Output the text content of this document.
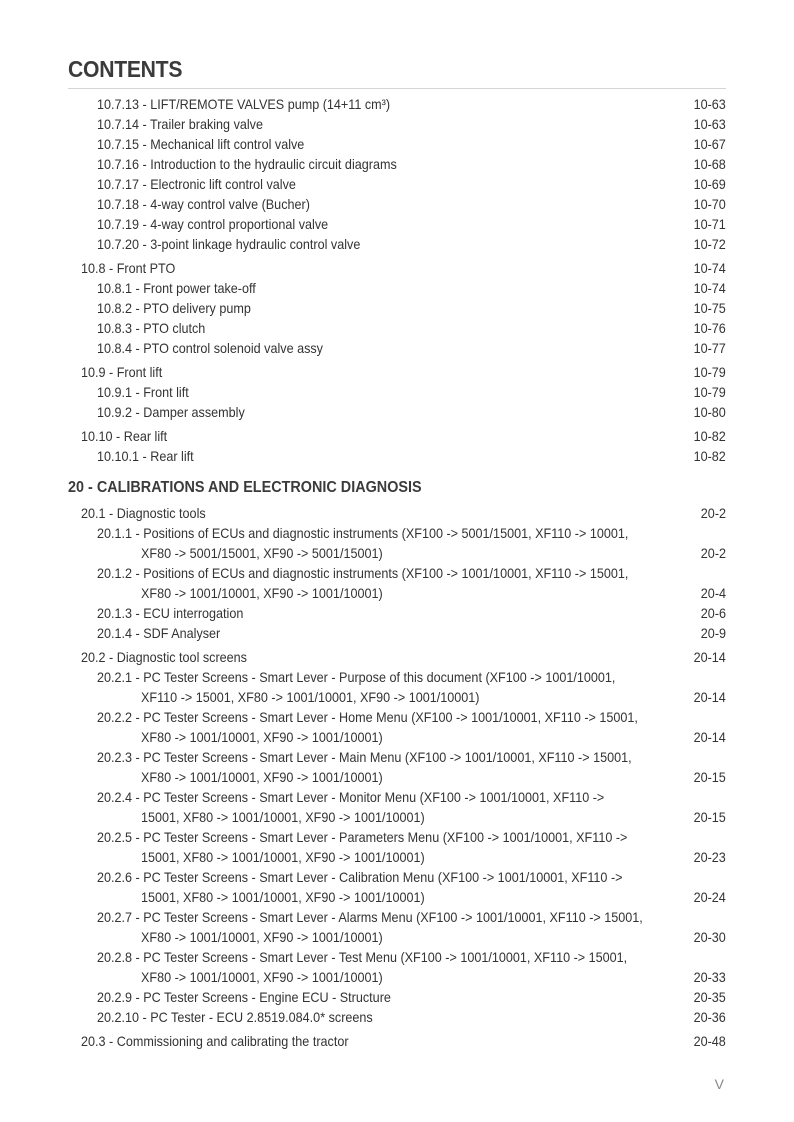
CONTENTS
10.7.13 - LIFT/REMOTE VALVES pump (14+11 cm³)	10-63
10.7.14 - Trailer braking valve	10-63
10.7.15 - Mechanical lift control valve	10-67
10.7.16 - Introduction to the hydraulic circuit diagrams	10-68
10.7.17 - Electronic lift control valve	10-69
10.7.18 - 4-way control valve (Bucher)	10-70
10.7.19 - 4-way control proportional valve	10-71
10.7.20 - 3-point linkage hydraulic control valve	10-72
10.8 - Front PTO	10-74
10.8.1 - Front power take-off	10-74
10.8.2 - PTO delivery pump	10-75
10.8.3 - PTO clutch	10-76
10.8.4 - PTO control solenoid valve assy	10-77
10.9 - Front lift	10-79
10.9.1 - Front lift	10-79
10.9.2 - Damper assembly	10-80
10.10 - Rear lift	10-82
10.10.1 - Rear lift	10-82
20 - CALIBRATIONS AND ELECTRONIC DIAGNOSIS
20.1 - Diagnostic tools	20-2
20.1.1 - Positions of ECUs and diagnostic instruments (XF100 -> 5001/15001, XF110 -> 10001,
XF80 -> 5001/15001, XF90 -> 5001/15001)	20-2
20.1.2 - Positions of ECUs and diagnostic instruments (XF100 -> 1001/10001, XF110 -> 15001,
XF80 -> 1001/10001, XF90 -> 1001/10001)	20-4
20.1.3 - ECU interrogation	20-6
20.1.4 - SDF Analyser	20-9
20.2 - Diagnostic tool screens	20-14
20.2.1 - PC Tester Screens - Smart Lever - Purpose of this document (XF100 -> 1001/10001,
XF110 -> 15001, XF80 -> 1001/10001, XF90 -> 1001/10001)	20-14
20.2.2 - PC Tester Screens - Smart Lever - Home Menu (XF100 -> 1001/10001, XF110 -> 15001,
XF80 -> 1001/10001, XF90 -> 1001/10001)	20-14
20.2.3 - PC Tester Screens - Smart Lever - Main Menu (XF100 -> 1001/10001, XF110 -> 15001,
XF80 -> 1001/10001, XF90 -> 1001/10001)	20-15
20.2.4 - PC Tester Screens - Smart Lever - Monitor Menu (XF100 -> 1001/10001, XF110 ->
15001, XF80 -> 1001/10001, XF90 -> 1001/10001)	20-15
20.2.5 - PC Tester Screens - Smart Lever - Parameters Menu (XF100 -> 1001/10001, XF110 ->
15001, XF80 -> 1001/10001, XF90 -> 1001/10001)	20-23
20.2.6 - PC Tester Screens - Smart Lever - Calibration Menu (XF100 -> 1001/10001, XF110 ->
15001, XF80 -> 1001/10001, XF90 -> 1001/10001)	20-24
20.2.7 - PC Tester Screens - Smart Lever - Alarms Menu (XF100 -> 1001/10001, XF110 -> 15001,
XF80 -> 1001/10001, XF90 -> 1001/10001)	20-30
20.2.8 - PC Tester Screens - Smart Lever - Test Menu (XF100 -> 1001/10001, XF110 -> 15001,
XF80 -> 1001/10001, XF90 -> 1001/10001)	20-33
20.2.9 - PC Tester Screens - Engine ECU - Structure	20-35
20.2.10 - PC Tester - ECU 2.8519.084.0* screens	20-36
20.3 - Commissioning and calibrating the tractor	20-48
V
